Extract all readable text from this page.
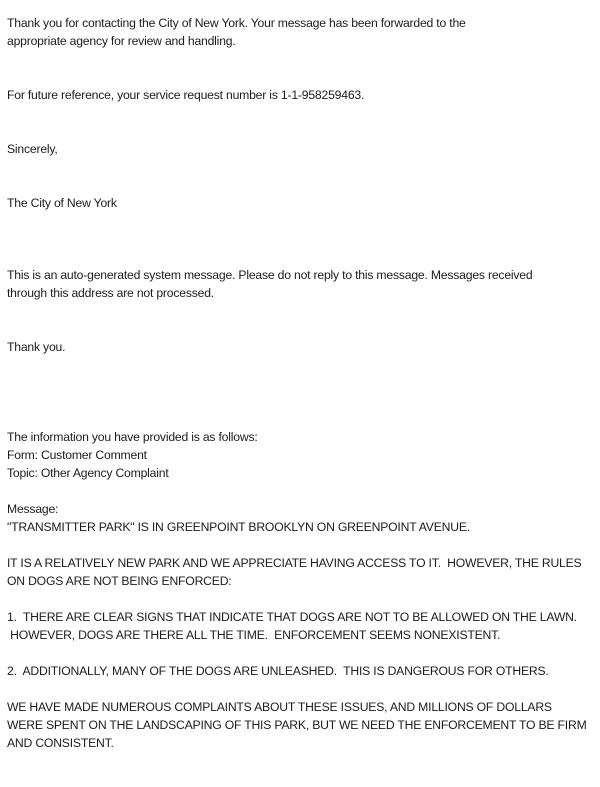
Thank you for contacting the City of New York. Your message has been forwarded to the
appropriate agency for review and handling.
For future reference, your service request number is 1-1-958259463.
Sincerely,
The City of New York
This is an auto-generated system message. Please do not reply to this message. Messages received
through this address are not processed.
Thank you.
The information you have provided is as follows:
Form: Customer Comment
Topic: Other Agency Complaint
Message:
"TRANSMITTER PARK" IS IN GREENPOINT BROOKLYN ON GREENPOINT AVENUE.
IT IS A RELATIVELY NEW PARK AND WE APPRECIATE HAVING ACCESS TO IT.  HOWEVER, THE RULES
ON DOGS ARE NOT BEING ENFORCED:
1.  THERE ARE CLEAR SIGNS THAT INDICATE THAT DOGS ARE NOT TO BE ALLOWED ON THE LAWN.
HOWEVER, DOGS ARE THERE ALL THE TIME.  ENFORCEMENT SEEMS NONEXISTENT.
2.  ADDITIONALLY, MANY OF THE DOGS ARE UNLEASHED.  THIS IS DANGEROUS FOR OTHERS.
WE HAVE MADE NUMEROUS COMPLAINTS ABOUT THESE ISSUES, AND MILLIONS OF DOLLARS
WERE SPENT ON THE LANDSCAPING OF THIS PARK, BUT WE NEED THE ENFORCEMENT TO BE FIRM
AND CONSISTENT.
